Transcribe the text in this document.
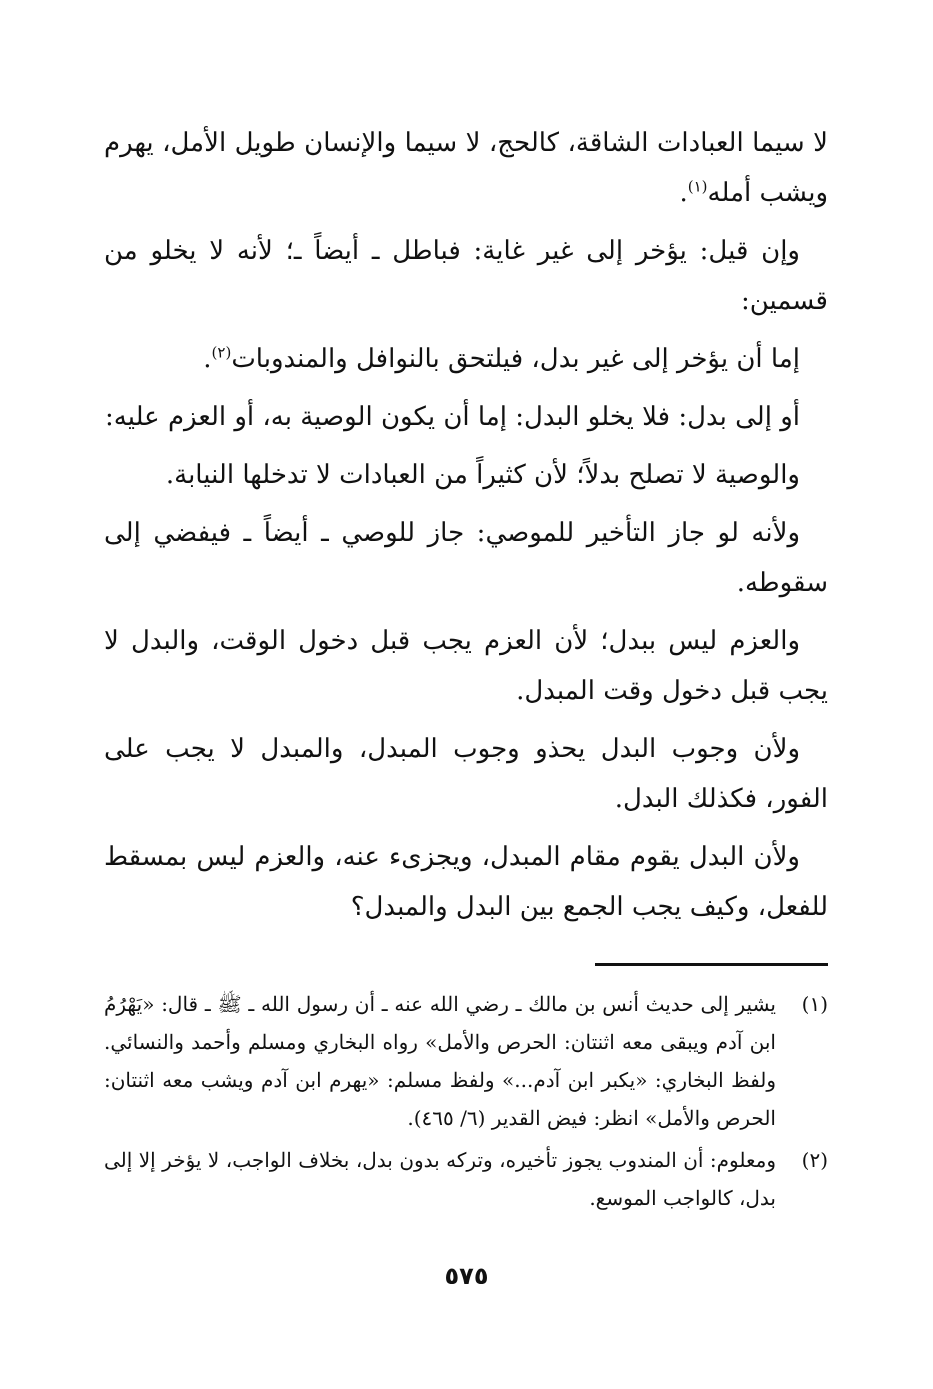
لا سيما العبادات الشاقة، كالحج، لا سيما والإنسان طويل الأمل، يهرم ويشب أمله$^{(١)}$.

وإن قيل: يؤخر إلى غير غاية: فباطل ـ أيضاً ـ؛ لأنه لا يخلو من قسمين:

إما أن يؤخر إلى غير بدل، فيلتحق بالنوافل والمندوبات$^{(٢)}$.

أو إلى بدل: فلا يخلو البدل: إما أن يكون الوصية به، أو العزم عليه:

والوصية لا تصلح بدلاً؛ لأن كثيراً من العبادات لا تدخلها النيابة.

ولأنه لو جاز التأخير للموصي: جاز للوصي ـ أيضاً ـ فيفضي إلى سقوطه.

والعزم ليس ببدل؛ لأن العزم يجب قبل دخول الوقت، والبدل لا يجب قبل دخول وقت المبدل.

ولأن وجوب البدل يحذو وجوب المبدل، والمبدل لا يجب على الفور، فكذلك البدل.

ولأن البدل يقوم مقام المبدل، ويجزىء عنه، والعزم ليس بمسقط للفعل، وكيف يجب الجمع بين البدل والمبدل؟

(١)
يشير إلى حديث أنس بن مالك ـ رضي الله عنه ـ أن رسول الله ـ ﷺ ـ قال: «يَهْرُمُ ابن آدم ويبقى معه اثنتان: الحرص والأمل» رواه البخاري ومسلم وأحمد والنسائي. ولفظ البخاري: «يكبر ابن آدم...» ولفظ مسلم: «يهرم ابن آدم ويشب معه اثنتان: الحرص والأمل» انظر: فيض القدير (٦/ ٤٦٥).
(٢)
ومعلوم: أن المندوب يجوز تأخيره، وتركه بدون بدل، بخلاف الواجب، لا يؤخر إلا إلى بدل، كالواجب الموسع.
٥٧٥
